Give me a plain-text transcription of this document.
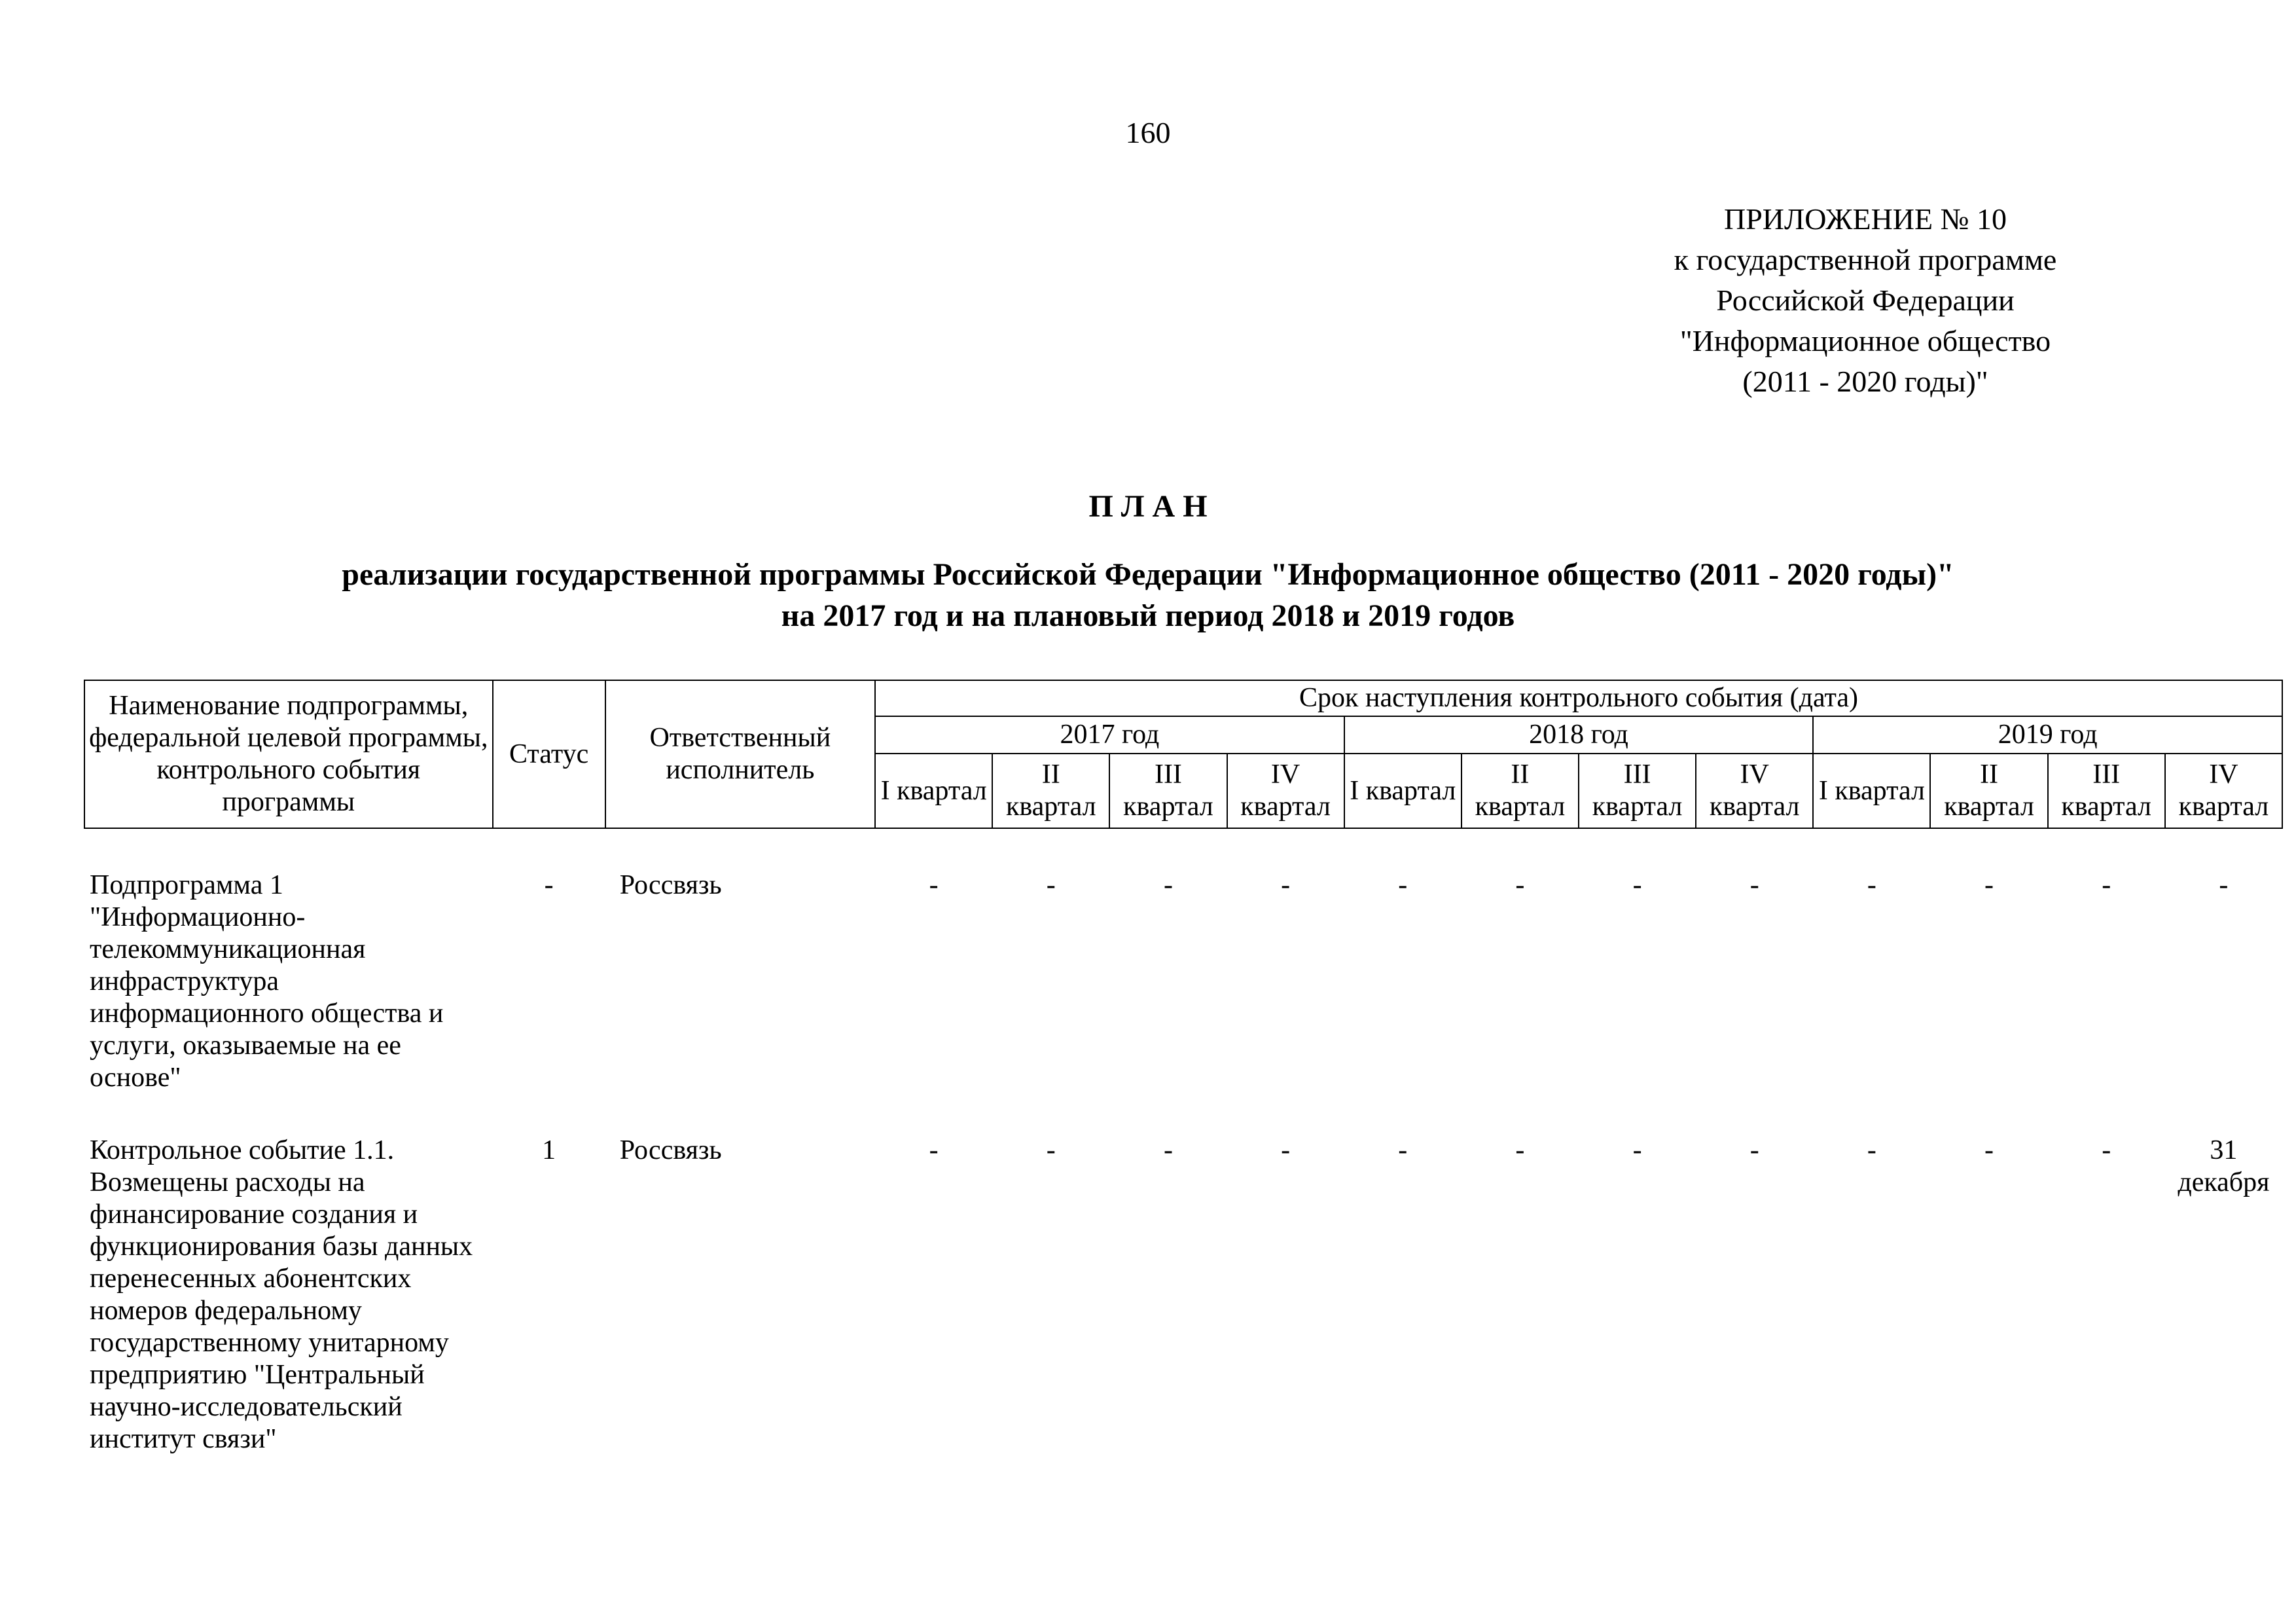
160
ПРИЛОЖЕНИЕ № 10
к государственной программе
Российской Федерации
"Информационное общество
(2011 - 2020 годы)"
П Л А Н
реализации государственной программы Российской Федерации "Информационное общество (2011 - 2020 годы)"
на 2017 год и на плановый период 2018 и 2019 годов
Наименование подпрограммы, федеральной целевой программы, контрольного события программы	Статус	Ответственный исполнитель	Срок наступления контрольного события (дата)											
			2017 год				2018 год				2019 год			
			I квартал	II квартал	III квартал	IV квартал	I квартал	II квартал	III квартал	IV квартал	I квартал	II квартал	III квартал	IV квартал
Подпрограмма 1 "Информационно-телекоммуникационная инфраструктура информационного общества и услуги, оказываемые на ее основе"	-	Россвязь	-	-	-	-	-	-	-	-	-	-	-	-
Контрольное событие 1.1. Возмещены расходы на финансирование создания и функционирования базы данных перенесенных абонентских номеров федеральному государственному унитарному предприятию "Центральный научно-исследовательский институт связи"	1	Россвязь	-	-	-	-	-	-	-	-	-	-	-	31 декабря
